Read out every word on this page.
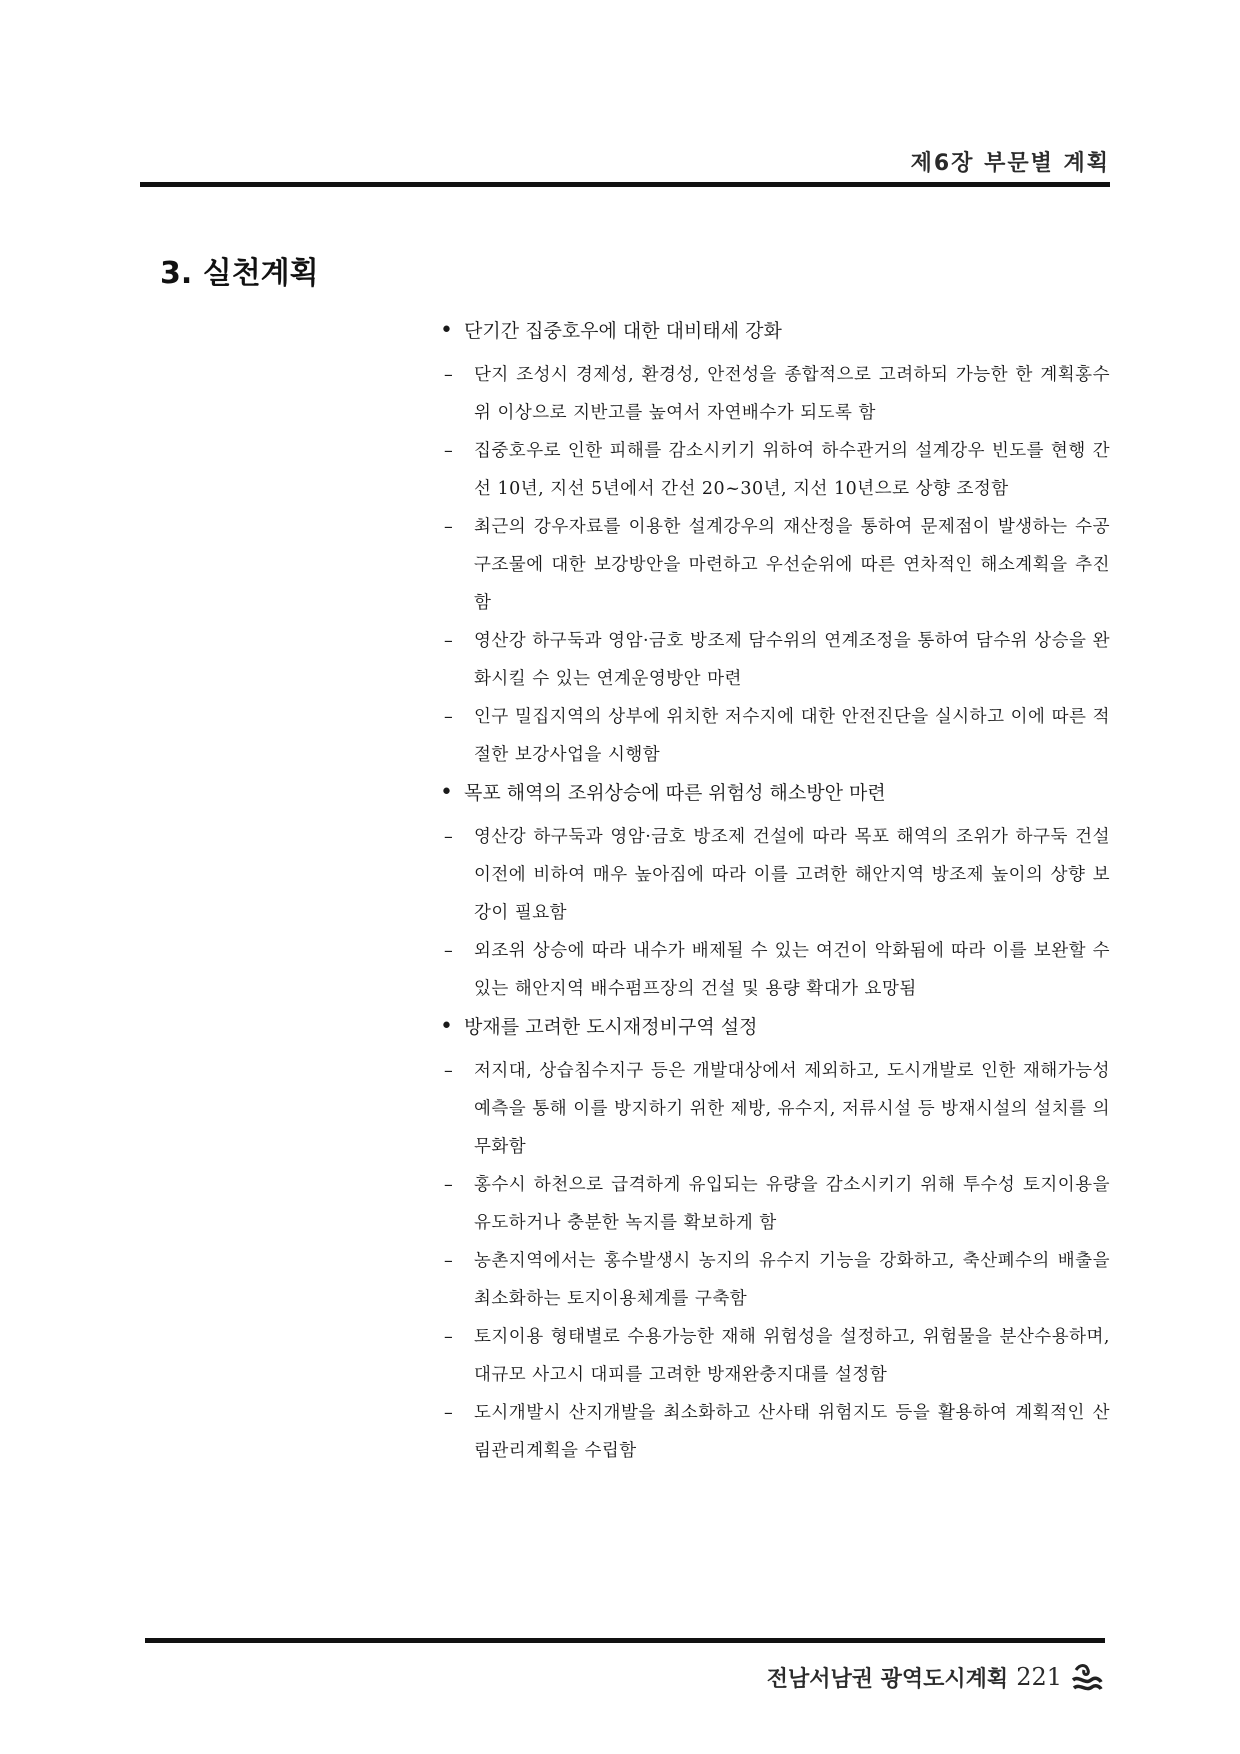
제6장 부문별 계획
3. 실천계획
• 단기간 집중호우에 대한 대비태세 강화
– 단지 조성시 경제성, 환경성, 안전성을 종합적으로 고려하되 가능한 한 계획홍수위 이상으로 지반고를 높여서 자연배수가 되도록 함
– 집중호우로 인한 피해를 감소시키기 위하여 하수관거의 설계강우 빈도를 현행 간선 10년, 지선 5년에서 간선 20~30년, 지선 10년으로 상향 조정함
– 최근의 강우자료를 이용한 설계강우의 재산정을 통하여 문제점이 발생하는 수공구조물에 대한 보강방안을 마련하고 우선순위에 따른 연차적인 해소계획을 추진함
– 영산강 하구둑과 영암·금호 방조제 담수위의 연계조정을 통하여 담수위 상승을 완화시킬 수 있는 연계운영방안 마련
– 인구 밀집지역의 상부에 위치한 저수지에 대한 안전진단을 실시하고 이에 따른 적절한 보강사업을 시행함
• 목포 해역의 조위상승에 따른 위험성 해소방안 마련
– 영산강 하구둑과 영암·금호 방조제 건설에 따라 목포 해역의 조위가 하구둑 건설이전에 비하여 매우 높아짐에 따라 이를 고려한 해안지역 방조제 높이의 상향 보강이 필요함
– 외조위 상승에 따라 내수가 배제될 수 있는 여건이 악화됨에 따라 이를 보완할 수 있는 해안지역 배수펌프장의 건설 및 용량 확대가 요망됨
• 방재를 고려한 도시재정비구역 설정
– 저지대, 상습침수지구 등은 개발대상에서 제외하고, 도시개발로 인한 재해가능성 예측을 통해 이를 방지하기 위한 제방, 유수지, 저류시설 등 방재시설의 설치를 의무화함
– 홍수시 하천으로 급격하게 유입되는 유량을 감소시키기 위해 투수성 토지이용을 유도하거나 충분한 녹지를 확보하게 함
– 농촌지역에서는 홍수발생시 농지의 유수지 기능을 강화하고, 축산폐수의 배출을 최소화하는 토지이용체계를 구축함
– 토지이용 형태별로 수용가능한 재해 위험성을 설정하고, 위험물을 분산수용하며, 대규모 사고시 대피를 고려한 방재완충지대를 설정함
– 도시개발시 산지개발을 최소화하고 산사태 위험지도 등을 활용하여 계획적인 산림관리계획을 수립함
전남서남권 광역도시계획 221
